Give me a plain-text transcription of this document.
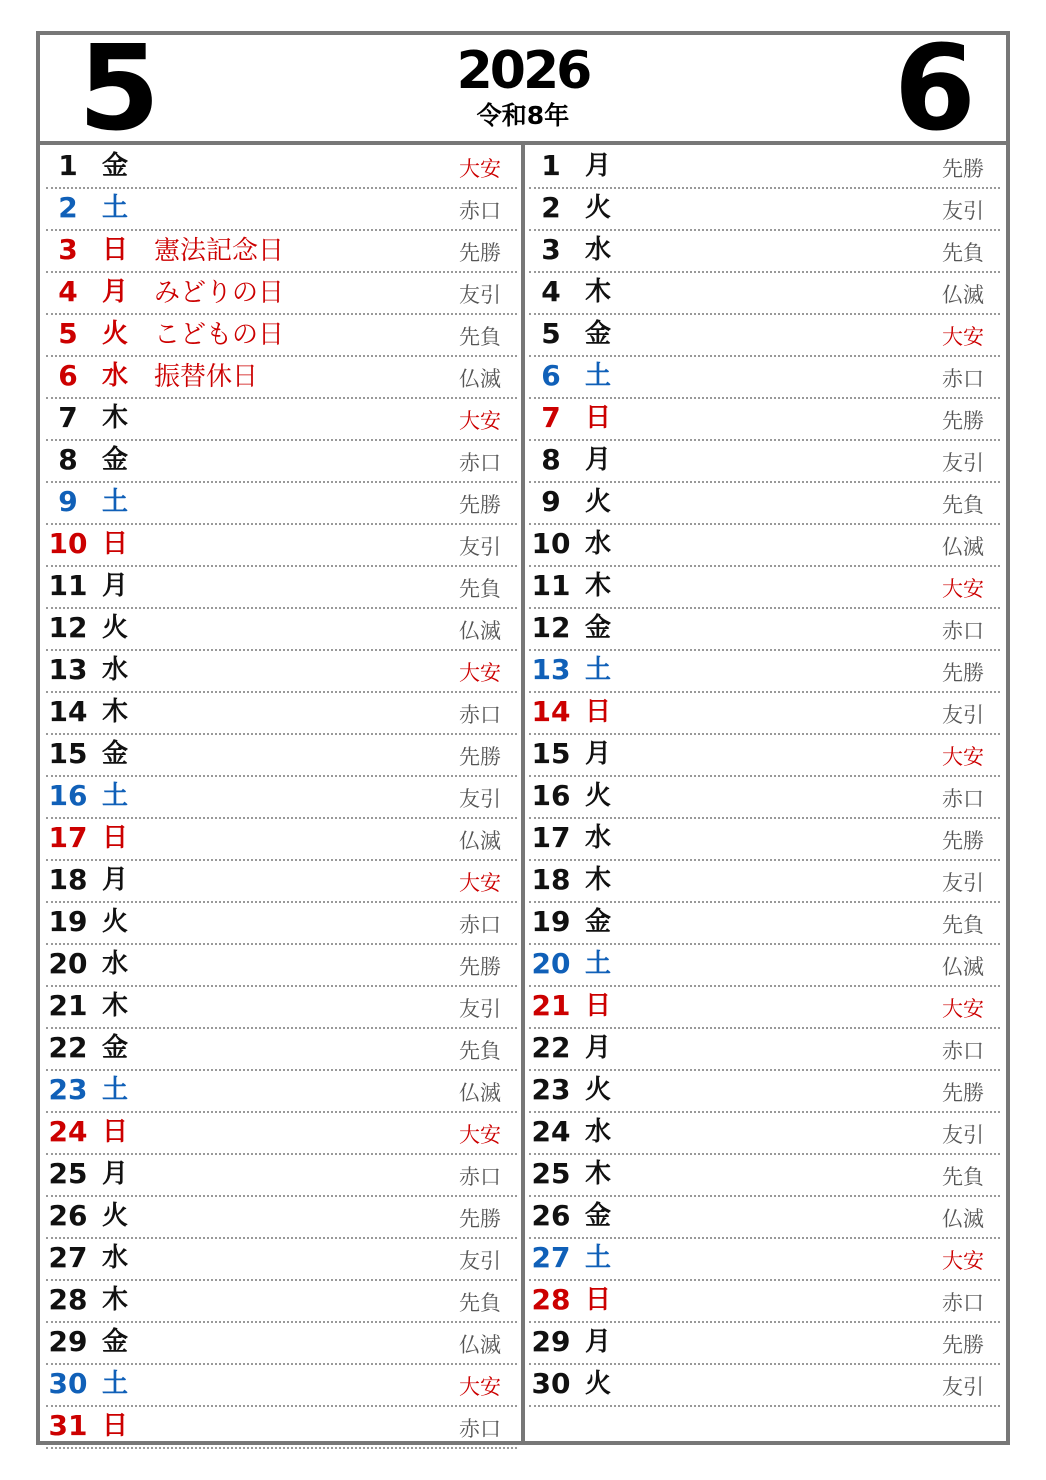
5	2026
令和8年	6
1 金	大安
2 土	赤口
3 日 憲法記念日	先勝
4 月 みどりの日	友引
5 火 こどもの日	先負
6 水 振替休日	仏滅
7 木	大安
8 金	赤口
9 土	先勝
10 日	友引
11 月	先負
12 火	仏滅
13 水	大安
14 木	赤口
15 金	先勝
16 土	友引
17 日	仏滅
18 月	大安
19 火	赤口
20 水	先勝
21 木	友引
22 金	先負
23 土	仏滅
24 日	大安
25 月	赤口
26 火	先勝
27 水	友引
28 木	先負
29 金	仏滅
30 土	大安
31 日	赤口
1 月	先勝
2 火	友引
3 水	先負
4 木	仏滅
5 金	大安
6 土	赤口
7 日	先勝
8 月	友引
9 火	先負
10 水	仏滅
11 木	大安
12 金	赤口
13 土	先勝
14 日	友引
15 月	大安
16 火	赤口
17 水	先勝
18 木	友引
19 金	先負
20 土	仏滅
21 日	大安
22 月	赤口
23 火	先勝
24 水	友引
25 木	先負
26 金	仏滅
27 土	大安
28 日	赤口
29 月	先勝
30 火	友引
